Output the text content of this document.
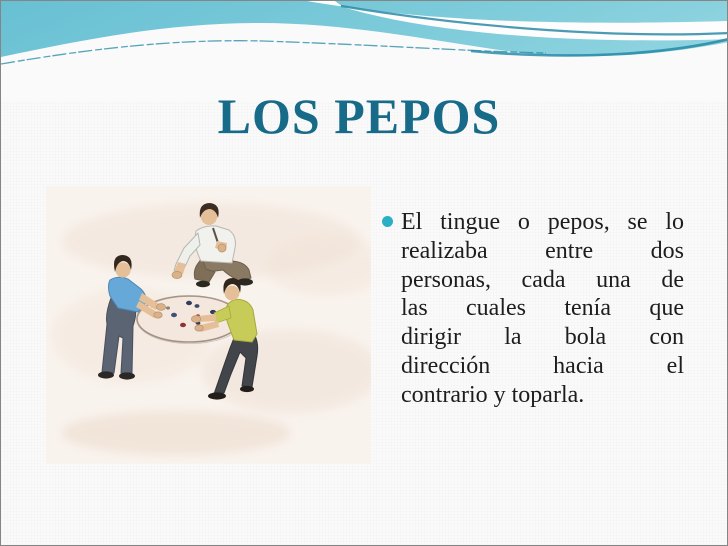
LOS PEPOS
El tingue o pepos, se lo
realizaba entre dos
personas, cada una de
las cuales tenía que
dirigir la bola con
dirección hacia el
contrario y toparla.
